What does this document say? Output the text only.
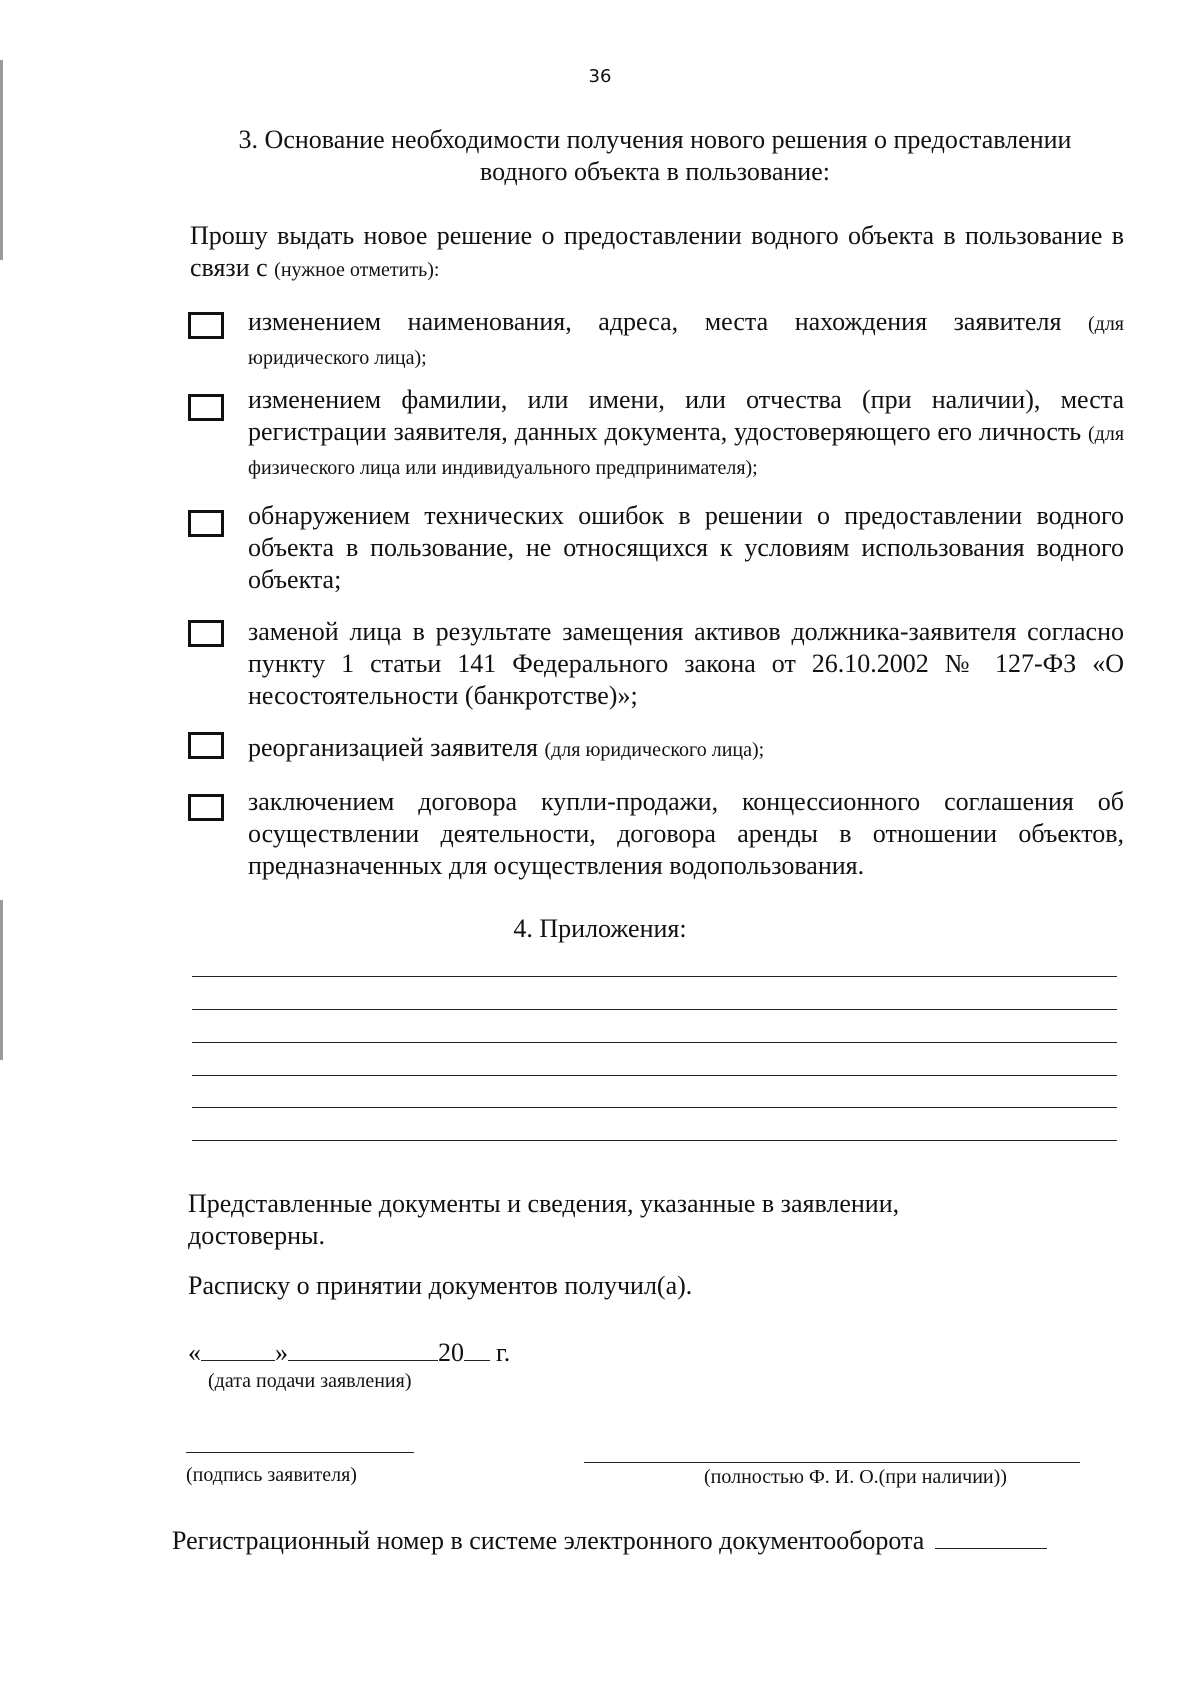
36
3. Основание необходимости получения нового решения о предоставлении
водного объекта в пользование:
Прошу выдать новое решение о предоставлении водного объекта в пользование в связи с (нужное отметить):
изменением наименования, адреса, места нахождения заявителя (для юридического лица);
изменением фамилии, или имени, или отчества (при наличии), места регистрации заявителя, данных документа, удостоверяющего его личность (для физического лица или индивидуального предпринимателя);
обнаружением технических ошибок в решении о предоставлении водного объекта в пользование, не относящихся к условиям использования водного объекта;
заменой лица в результате замещения активов должника-заявителя согласно пункту 1 статьи 141 Федерального закона от 26.10.2002 № 127-ФЗ «О несостоятельности (банкротстве)»;
реорганизацией заявителя (для юридического лица);
заключением договора купли-продажи, концессионного соглашения об осуществлении деятельности, договора аренды в отношении объектов, предназначенных для осуществления водопользования.
4. Приложения:
Представленные документы и сведения, указанные в заявлении, достоверны.
Расписку о принятии документов получил(а).
«	»	20 г.
(дата подачи заявления)
(подпись заявителя)	(полностью Ф. И. О.(при наличии))
Регистрационный номер в системе электронного документооборота
